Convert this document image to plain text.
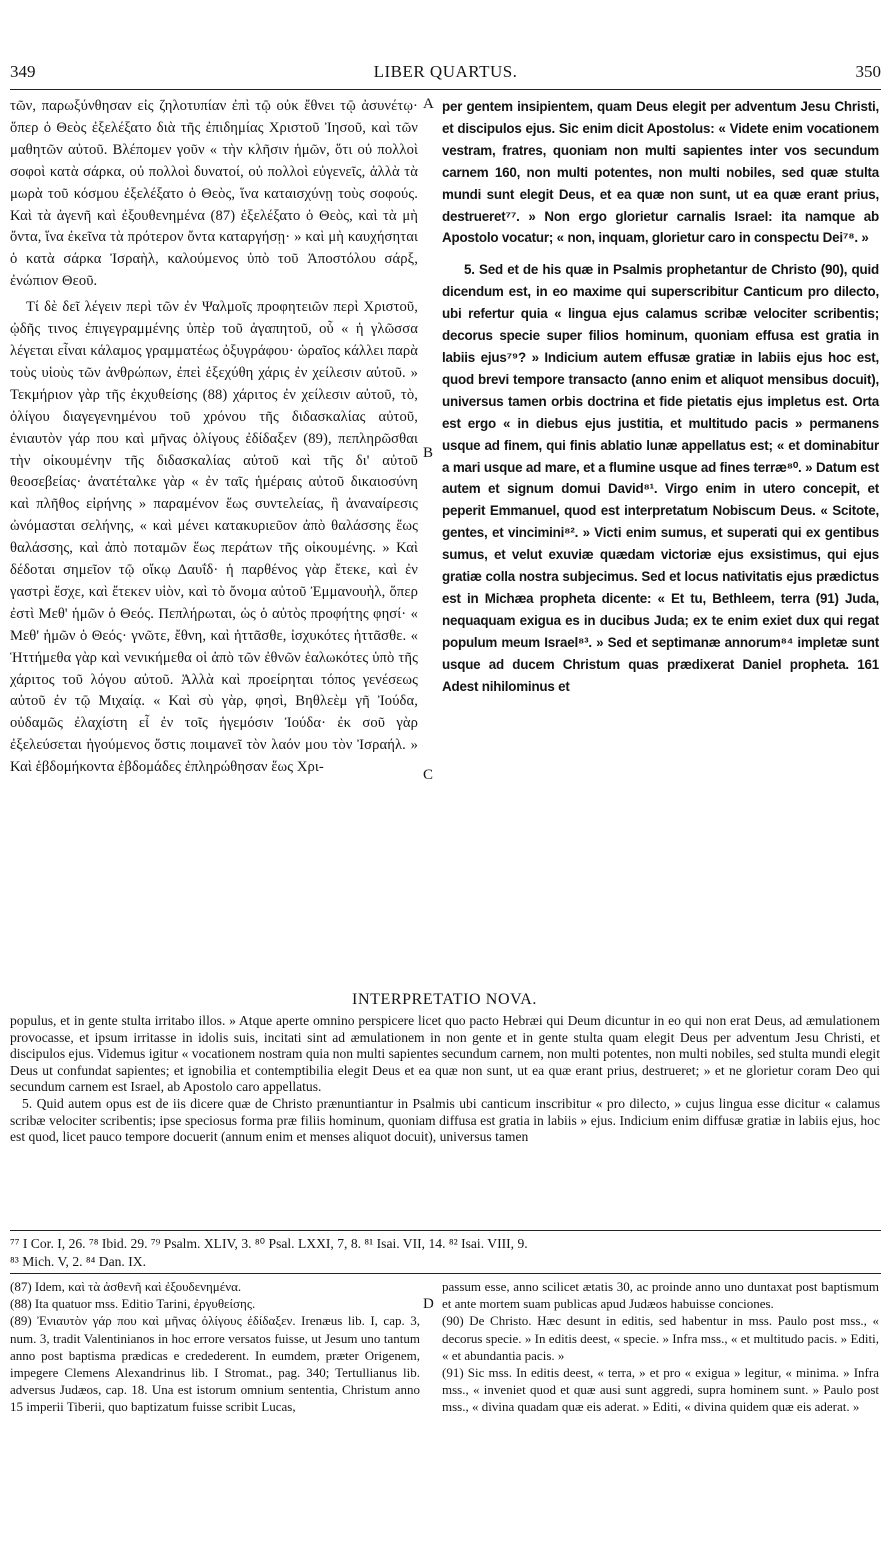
349	LIBER QUARTUS.	350

τῶν, παρωξύνθησαν εἰς ζηλοτυπίαν ἐπὶ τῷ οὐκ ἔθνει τῷ ἀσυνέτῳ· ὅπερ ὁ Θεὸς ἐξελέξατο διὰ τῆς ἐπιδημίας Χριστοῦ Ἰησοῦ, καὶ τῶν μαθητῶν αὐτοῦ. Βλέπομεν γοῦν « τὴν κλῆσιν ἡμῶν, ὅτι οὐ πολλοὶ σοφοὶ κατὰ σάρκα, οὐ πολλοὶ δυνατοί, οὐ πολλοὶ εὐγενεῖς, ἀλλὰ τὰ μωρὰ τοῦ κόσμου ἐξελέξατο ὁ Θεὸς, ἵνα καταισχύνῃ τοὺς σοφούς. Καὶ τὰ ἀγενῆ καὶ ἐξουθενημένα (87) ἐξελέξατο ὁ Θεὸς, καὶ τὰ μὴ ὄντα, ἵνα ἐκεῖνα τὰ πρότερον ὄντα καταργήσῃ· » καὶ μὴ καυχήσηται ὁ κατὰ σάρκα Ἰσραὴλ, καλούμενος ὑπὸ τοῦ Ἀποστόλου σάρξ, ἐνώπιον Θεοῦ.

Τί δὲ δεῖ λέγειν περὶ τῶν ἐν Ψαλμοῖς προφητειῶν περὶ Χριστοῦ, ᾠδῆς τινος ἐπιγεγραμμένης ὑπὲρ τοῦ ἀγαπητοῦ, οὗ « ἡ γλῶσσα λέγεται εἶναι κάλαμος γραμματέως ὀξυγράφου· ὡραῖος κάλλει παρὰ τοὺς υἱοὺς τῶν ἀνθρώπων, ἐπεὶ ἐξεχύθη χάρις ἐν χείλεσιν αὐτοῦ. » Τεκμήριον γὰρ τῆς ἐκχυθείσης (88) χάριτος ἐν χείλεσιν αὐτοῦ, τὸ, ὀλίγου διαγεγενημένου τοῦ χρόνου τῆς διδασκαλίας αὐτοῦ, ἐνιαυτὸν γάρ που καὶ μῆνας ὀλίγους ἐδίδαξεν (89), πεπληρῶσθαι τὴν οἰκουμένην τῆς διδασκαλίας αὐτοῦ καὶ τῆς δι' αὐτοῦ θεοσεβείας· ἀνατέταλκε γὰρ « ἐν ταῖς ἡμέραις αὐτοῦ δικαιοσύνη καὶ πλῆθος εἰρήνης » παραμένον ἕως συντελείας, ἣ ἀναναίρεσις ὠνόμασται σελήνης, « καὶ μένει κατακυριεῦον ἀπὸ θαλάσσης ἕως θαλάσσης, καὶ ἀπὸ ποταμῶν ἕως περάτων τῆς οἰκουμένης. » Καὶ δέδοται σημεῖον τῷ οἴκῳ Δαυΐδ· ἡ παρθένος γὰρ ἔτεκε, καὶ ἐν γαστρὶ ἔσχε, καὶ ἔτεκεν υἱὸν, καὶ τὸ ὄνομα αὐτοῦ Ἐμμανουὴλ, ὅπερ ἐστὶ Μεθ' ἡμῶν ὁ Θεός. Πεπλήρωται, ὡς ὁ αὐτὸς προφήτης φησί· « Μεθ' ἡμῶν ὁ Θεός· γνῶτε, ἔθνη, καὶ ἡττᾶσθε, ἰσχυκότες ἡττᾶσθε. « Ἡττήμεθα γὰρ καὶ νενικήμεθα οἱ ἀπὸ τῶν ἐθνῶν ἑαλωκότες ὑπὸ τῆς χάριτος τοῦ λόγου αὐτοῦ. Ἀλλὰ καὶ προείρηται τόπος γενέσεως αὐτοῦ ἐν τῷ Μιχαίᾳ. « Καὶ σὺ γὰρ, φησὶ, Βηθλεὲμ γῆ Ἰούδα, οὐδαμῶς ἐλαχίστη εἶ ἐν τοῖς ἡγεμόσιν Ἰούδα· ἐκ σοῦ γὰρ ἐξελεύσεται ἡγούμενος ὅστις ποιμανεῖ τὸν λαόν μου τὸν Ἰσραήλ. » Καὶ ἑβδομήκοντα ἑβδομάδες ἐπληρώθησαν ἕως Χρι-

A
B
C

per gentem insipientem, quam Deus elegit per adventum Jesu Christi, et discipulos ejus. Sic enim dicit Apostolus: « Videte enim vocationem vestram, fratres, quoniam non multi sapientes inter vos secundum carnem 160, non multi potentes, non multi nobiles, sed quæ stulta mundi sunt elegit Deus, et ea quæ non sunt, ut ea quæ erant prius, destrueret⁷⁷. » Non ergo glorietur carnalis Israel: ita namque ab Apostolo vocatur; « non, inquam, glorietur caro in conspectu Dei⁷⁸. »

5. Sed et de his quæ in Psalmis prophetantur de Christo (90), quid dicendum est, in eo maxime qui superscribitur Canticum pro dilecto, ubi refertur quia « lingua ejus calamus scribæ velociter scribentis; decorus specie super filios hominum, quoniam effusa est gratia in labiis ejus⁷⁹? » Indicium autem effusæ gratiæ in labiis ejus hoc est, quod brevi tempore transacto (anno enim et aliquot mensibus docuit), universus tamen orbis doctrina et fide pietatis ejus impletus est. Orta est ergo « in diebus ejus justitia, et multitudo pacis » permanens usque ad finem, qui finis ablatio lunæ appellatus est; « et dominabitur a mari usque ad mare, et a flumine usque ad fines terræ⁸⁰. » Datum est autem et signum domui David⁸¹. Virgo enim in utero concepit, et peperit Emmanuel, quod est interpretatum Nobiscum Deus. « Scitote, gentes, et vincimini⁸². » Victi enim sumus, et superati qui ex gentibus sumus, et velut exuviæ quædam victoriæ ejus exsistimus, qui ejus gratiæ colla nostra subjecimus. Sed et locus nativitatis ejus prædictus est in Michæa propheta dicente: « Et tu, Bethleem, terra (91) Juda, nequaquam exigua es in ducibus Juda; ex te enim exiet dux qui regat populum meum Israel⁸³. » Sed et septimanæ annorum⁸⁴ impletæ sunt usque ad ducem Christum quas prædixerat Daniel propheta. 161 Adest nihilominus et

INTERPRETATIO NOVA.

populus, et in gente stulta irritabo illos. » Atque aperte omnino perspicere licet quo pacto Hebræi qui Deum dicuntur in eo qui non erat Deus, ad æmulationem provocasse, et ipsum irritasse in idolis suis, incitati sint ad æmulationem in non gente et in gente stulta quam elegit Deus per adventum Jesu Christi, et discipulos ejus. Videmus igitur « vocationem nostram quia non multi sapientes secundum carnem, non multi potentes, non multi nobiles, sed stulta mundi elegit Deus ut confundat sapientes; et ignobilia et contemptibilia elegit Deus et ea quæ non sunt, ut ea quæ erant prius, destrueret; » et ne glorietur coram Deo qui secundum carnem est Israel, ab Apostolo caro appellatus.

5. Quid autem opus est de iis dicere quæ de Christo prænuntiantur in Psalmis ubi canticum inscribitur « pro dilecto, » cujus lingua esse dicitur « calamus scribæ velociter scribentis; ipse speciosus forma præ filiis hominum, quoniam diffusa est gratia in labiis » ejus. Indicium enim diffusæ gratiæ in labiis ejus, hoc est quod, licet pauco tempore docuerit (annum enim et menses aliquot docuit), universus tamen

⁷⁷ I Cor. I, 26. ⁷⁸ Ibid. 29. ⁷⁹ Psalm. XLIV, 3. ⁸⁰ Psal. LXXI, 7, 8. ⁸¹ Isai. VII, 14. ⁸² Isai. VIII, 9.

⁸³ Mich. V, 2. ⁸⁴ Dan. IX.

(87) Idem, καὶ τὰ ἀσθενῆ καὶ ἐξουδενημένα.

(88) Ita quatuor mss. Editio Tarini, ἐργυθείσης.

(89) Ἐνιαυτὸν γάρ που καὶ μῆνας ὀλίγους ἐδίδαξεν. Irenæus lib. I, cap. 3, num. 3, tradit Valentinianos in hoc errore versatos fuisse, ut Jesum uno tantum anno post baptisma prædicas e credederent. In eumdem, præter Origenem, impegere Clemens Alexandrinus lib. I Stromat., pag. 340; Tertullianus lib. adversus Judæos, cap. 18. Una est istorum omnium sententia, Christum anno 15 imperii Tiberii, quo baptizatum fuisse scribit Lucas,

D

passum esse, anno scilicet ætatis 30, ac proinde anno uno duntaxat post baptismum et ante mortem suam publicas apud Judæos habuisse conciones.

(90) De Christo. Hæc desunt in editis, sed habentur in mss. Paulo post mss., « decorus specie. » In editis deest, « specie. » Infra mss., « et multitudo pacis. » Editi, « et abundantia pacis. »

(91) Sic mss. In editis deest, « terra, » et pro « exigua » legitur, « minima. » Infra mss., « inveniet quod et quæ ausi sunt aggredi, supra hominem sunt. » Paulo post mss., « divina quadam quæ eis aderat. » Editi, « divina quidem quæ eis aderat. »
